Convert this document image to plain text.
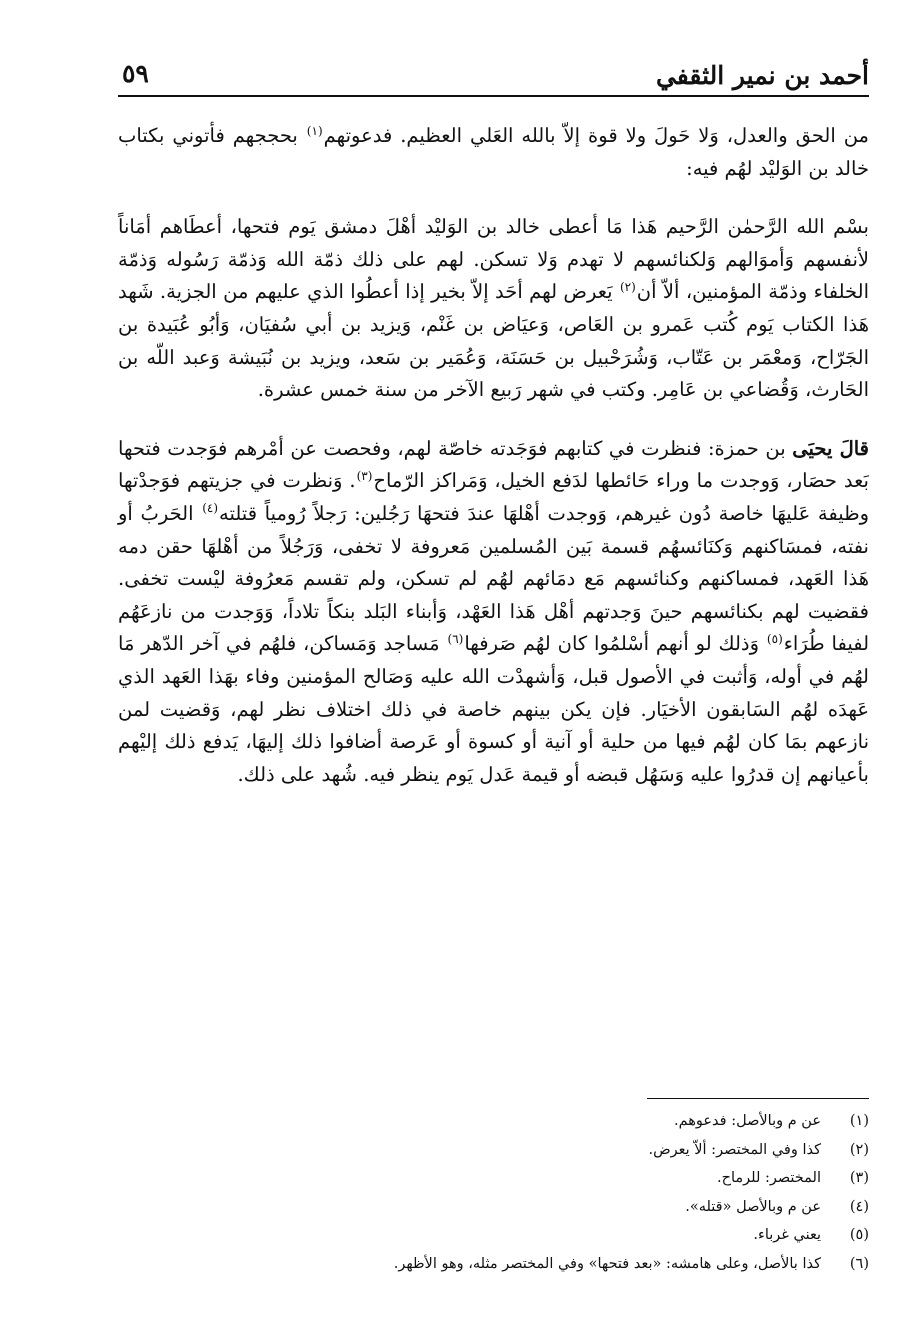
أحمد بن نمير الثقفي
٥٩

من الحق والعدل، وَلا حَولَ ولا قوة إلاّ بالله العَلي العظيم. فدعوتهم$^{(١)}$ بحججهم فأتوني بكتاب خالد بن الوَليْد لهُم فيه:

بسْم الله الرَّحمٰن الرَّحيم هَذا مَا أعطى خالد بن الوَليْد أهْلَ دمشق يَوم فتحها، أعطَاهم أمَاناً لأنفسهم وَأموَالهم وَلكنائسهم لا تهدم وَلا تسكن. لهم على ذلك ذمّة الله وَذمّة رَسُوله وَذمّة الخلفاء وذمّة المؤمنين، ألاّ أن$^{(٢)}$ يَعرض لهم أحَد إلاّ بخير إذا أعطُوا الذي عليهم من الجزية. شَهد هَذا الكتاب يَوم كُتب عَمرو بن العَاص، وَعيَاض بن غَنْم، وَيزيد بن أبي سُفيَان، وَأبُو عُبَيدة بن الجَرّاح، وَمعْمَر بن عَتّاب، وَشُرَحْبيل بن حَسَنَة، وَعُمَير بن سَعد، ويزيد بن نُبَيشة وَعبد اللّه بن الحَارث، وَقُضاعي بن عَامِر. وكتب في شهر رَبيع الآخر من سنة خمس عشرة.

قالَ يحيَى بن حمزة: فنظرت في كتابهم فوَجَدته خاصّة لهم، وفحصت عن أمْرهم فوَجدت فتحها بَعد حصَار، وَوجدت ما وراء حَائطها لدَفع الخيل، وَمَراكز الرّماح$^{(٣)}$. وَنظرت في جزيتهم فوَجدْتها وظيفة عَليهَا خاصة دُون غيرهم، وَوجدت أهْلهَا عندَ فتحهَا رَجُلين: رَجلاً رُومياً قتلته$^{(٤)}$ الحَربُ أو نفته، فمسَاكنهم وَكنَائسهُم قسمة بَين المُسلمين مَعروفة لا تخفى، وَرَجُلاً من أهْلهَا حقن دمه هَذا العَهد، فمساكنهم وكنائسهم مَع دمَائهم لهُم لم تسكن، ولم تقسم مَعرُوفة ليْست تخفى. فقضيت لهم بكنائسهم حينَ وَجدتهم أهْل هَذا العَهْد، وَأبناء البَلد بنكاً تلاداً، وَوَجدت من نازعَهُم لفيفا طُرَاء$^{(٥)}$ وَذلك لو أنهم أسْلمُوا كان لهُم صَرفها$^{(٦)}$ مَساجد وَمَساكن، فلهُم في آخر الدّهر مَا لهُم في أوله، وَأثبت في الأصول قبل، وَأشهدْت الله عليه وَصَالح المؤمنين وفاء بهَذا العَهد الذي عَهدَه لهُم السَابقون الأخيَار. فإن يكن بينهم خاصة في ذلك اختلاف نظر لهم، وَقضيت لمن نازعهم بمَا كان لهُم فيها من حلية أو آنية أو كسوة أو عَرصة أضافوا ذلك إليهَا، يَدفع ذلك إليْهم بأعيانهم إن قدرُوا عليه وَسَهُل قبضه أو قيمة عَدل يَوم ينظر فيه. شُهد على ذلك.

(١)
عن م وبالأصل: فدعوهم.
(٢)
كذا وفي المختصر: ألاّ يعرض.
(٣)
المختصر: للرماح.
(٤)
عن م وبالأصل «قتله».
(٥)
يعني غرباء.
(٦)
كذا بالأصل، وعلى هامشه: «بعد فتحها» وفي المختصر مثله، وهو الأظهر.
